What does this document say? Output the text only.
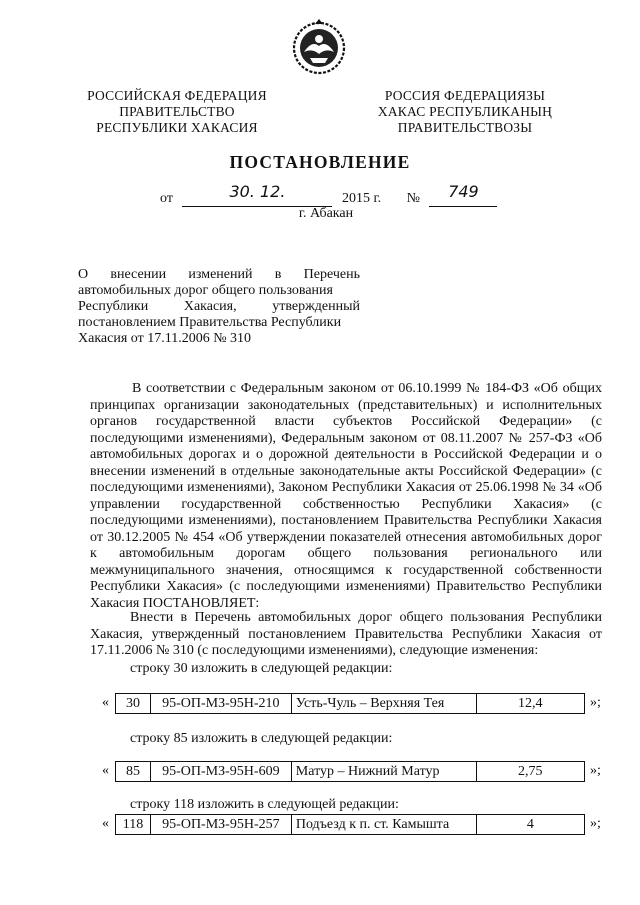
РОССИЙСКАЯ ФЕДЕРАЦИЯ
ПРАВИТЕЛЬСТВО
РЕСПУБЛИКИ ХАКАСИЯ
РОССИЯ ФЕДЕРАЦИЯЗЫ
ХАКАС РЕСПУБЛИКАНЫҢ
ПРАВИТЕЛЬСТВОЗЫ
ПОСТАНОВЛЕНИЕ
от	30. 12.	2015 г. №	749
г. Абакан
О внесении изменений в Перечень
автомобильных дорог общего пользования
Республики	Хакасия,	утвержденный
постановлением Правительства Республики
Хакасия от 17.11.2006 № 310
В соответствии с Федеральным законом от 06.10.1999 № 184-ФЗ «Об общих принципах организации законодательных (представительных) и исполнительных органов государственной власти субъектов Российской Федерации» (с последующими изменениями), Федеральным законом от 08.11.2007 № 257-ФЗ «Об автомобильных дорогах и о дорожной деятельности в Российской Федерации и о внесении изменений в отдельные законодательные акты Российской Федерации» (с последующими изменениями), Законом Республики Хакасия от 25.06.1998 № 34 «Об управлении государственной собственностью Республики Хакасия» (с последующими изменениями), постановлением Правительства Республики Хакасия от 30.12.2005 № 454 «Об утверждении показателей отнесения автомобильных дорог к автомобильным дорогам общего пользования регионального или межмуниципального значения, относящимся к государственной собственности Республики Хакасия» (с последующими изменениями) Правительство Республики Хакасия ПОСТАНОВЛЯЕТ:
Внести в Перечень автомобильных дорог общего пользования Республики Хакасия, утвержденный постановлением Правительства Республики Хакасия от 17.11.2006 № 310 (с последующими изменениями), следующие изменения:
строку 30 изложить в следующей редакции:
« 30	95-ОП-МЗ-95Н-210	Усть-Чуль – Верхняя Тея	12,4	»;
строку 85 изложить в следующей редакции:
« 85	95-ОП-МЗ-95Н-609	Матур – Нижний Матур	2,75	»;
строку 118 изложить в следующей редакции:
« 118	95-ОП-МЗ-95Н-257	Подъезд к п. ст. Камышта	4	»;
